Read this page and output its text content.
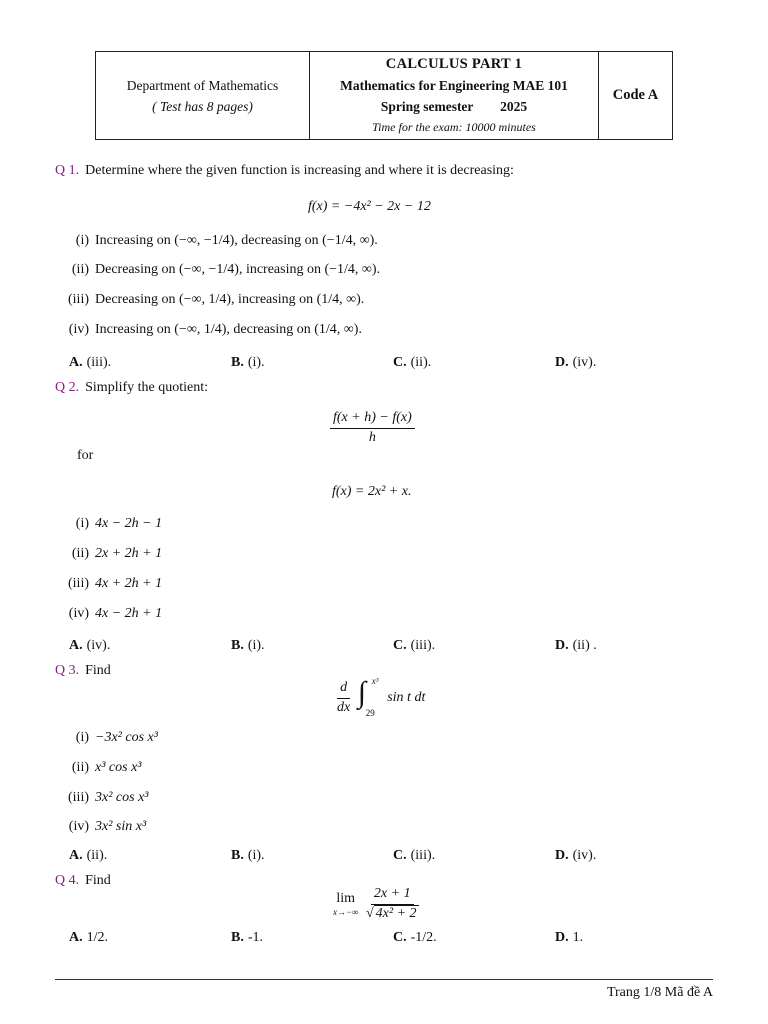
Department of Mathematics
( Test has 8 pages)
CALCULUS PART 1
Mathematics for Engineering MAE 101
Spring semester 2025
Time for the exam: 10000 minutes
Code A
Q 1. Determine where the given function is increasing and where it is decreasing:
f(x) = −4x² − 2x − 12
(i) Increasing on (−∞, −1/4), decreasing on (−1/4, ∞).
(ii) Decreasing on (−∞, −1/4), increasing on (−1/4, ∞).
(iii) Decreasing on (−∞, 1/4), increasing on (1/4, ∞).
(iv) Increasing on (−∞, 1/4), decreasing on (1/4, ∞).
A. (iii).	B. (i).	C. (ii).	D. (iv).
Q 2. Simplify the quotient:
$\frac{f(x + h) - f(x)}{h}$
for
f(x) = 2x² + x.
(i) 4x − 2h − 1
(ii) 2x + 2h + 1
(iii) 4x + 2h + 1
(iv) 4x − 2h + 1
A. (iv).	B. (i).	C. (iii).	D. (ii) .
Q 3. Find
$\frac{d}{dx}$
∫ x³
29
sin t dt
(i) −3x² cos x³
(ii) x³ cos x³
(iii) 3x² cos x³
(iv) 3x² sin x³
A. (ii).	B. (i).	C. (iii).	D. (iv).
Q 4. Find
lim
x→−∞
$\frac{2x + 1}{\text{√ 4x² + 2}}$
A. 1/2.	B. -1.	C. -1/2.	D. 1.
Trang 1/8 Mã đề A
